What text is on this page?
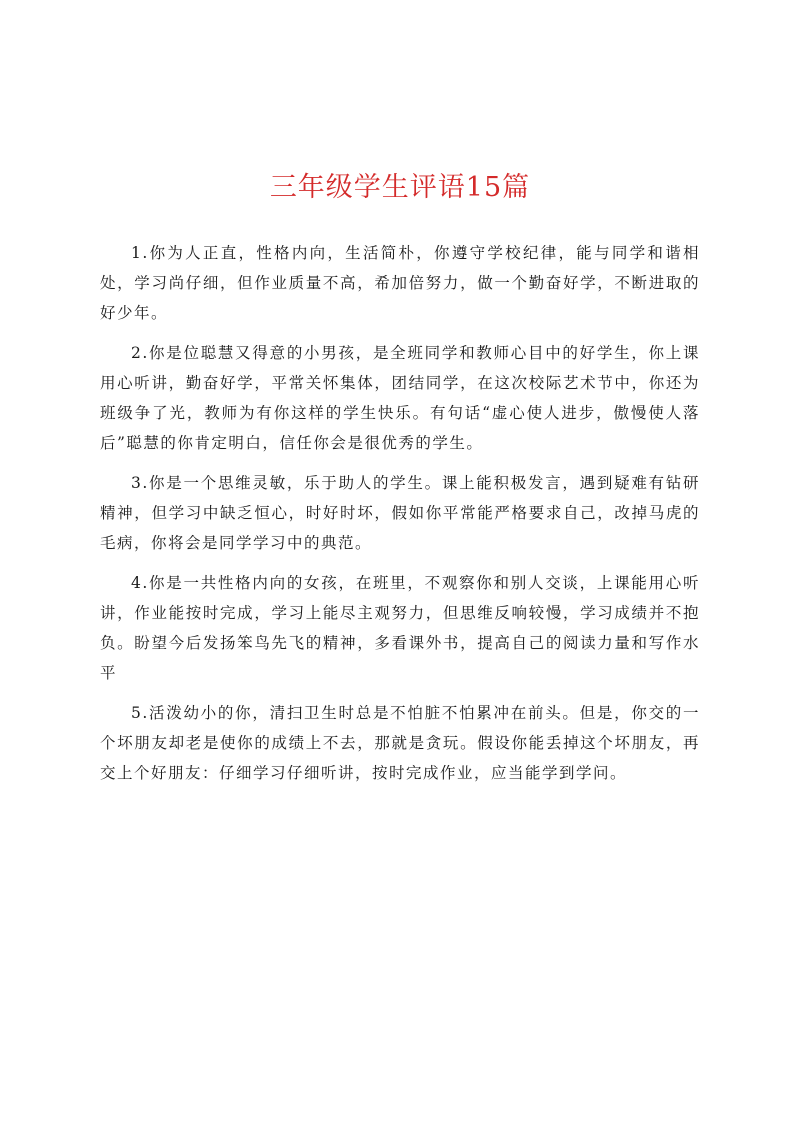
三年级学生评语15篇

1.你为人正直，性格内向，生活简朴，你遵守学校纪律，能与同学和谐相处，学习尚仔细，但作业质量不高，希加倍努力，做一个勤奋好学，不断进取的好少年。

2.你是位聪慧又得意的小男孩，是全班同学和教师心目中的好学生，你上课用心听讲，勤奋好学，平常关怀集体，团结同学，在这次校际艺术节中，你还为班级争了光，教师为有你这样的学生快乐。有句话“虚心使人进步，傲慢使人落后”聪慧的你肯定明白，信任你会是很优秀的学生。

3.你是一个思维灵敏，乐于助人的学生。课上能积极发言，遇到疑难有钻研精神，但学习中缺乏恒心，时好时坏，假如你平常能严格要求自己，改掉马虎的毛病，你将会是同学学习中的典范。

4.你是一共性格内向的女孩，在班里，不观察你和别人交谈，上课能用心听讲，作业能按时完成，学习上能尽主观努力，但思维反响较慢，学习成绩并不抱负。盼望今后发扬笨鸟先飞的精神，多看课外书，提高自己的阅读力量和写作水平

5.活泼幼小的你，清扫卫生时总是不怕脏不怕累冲在前头。但是，你交的一个坏朋友却老是使你的成绩上不去，那就是贪玩。假设你能丢掉这个坏朋友，再交上个好朋友：仔细学习仔细听讲，按时完成作业，应当能学到学问。
